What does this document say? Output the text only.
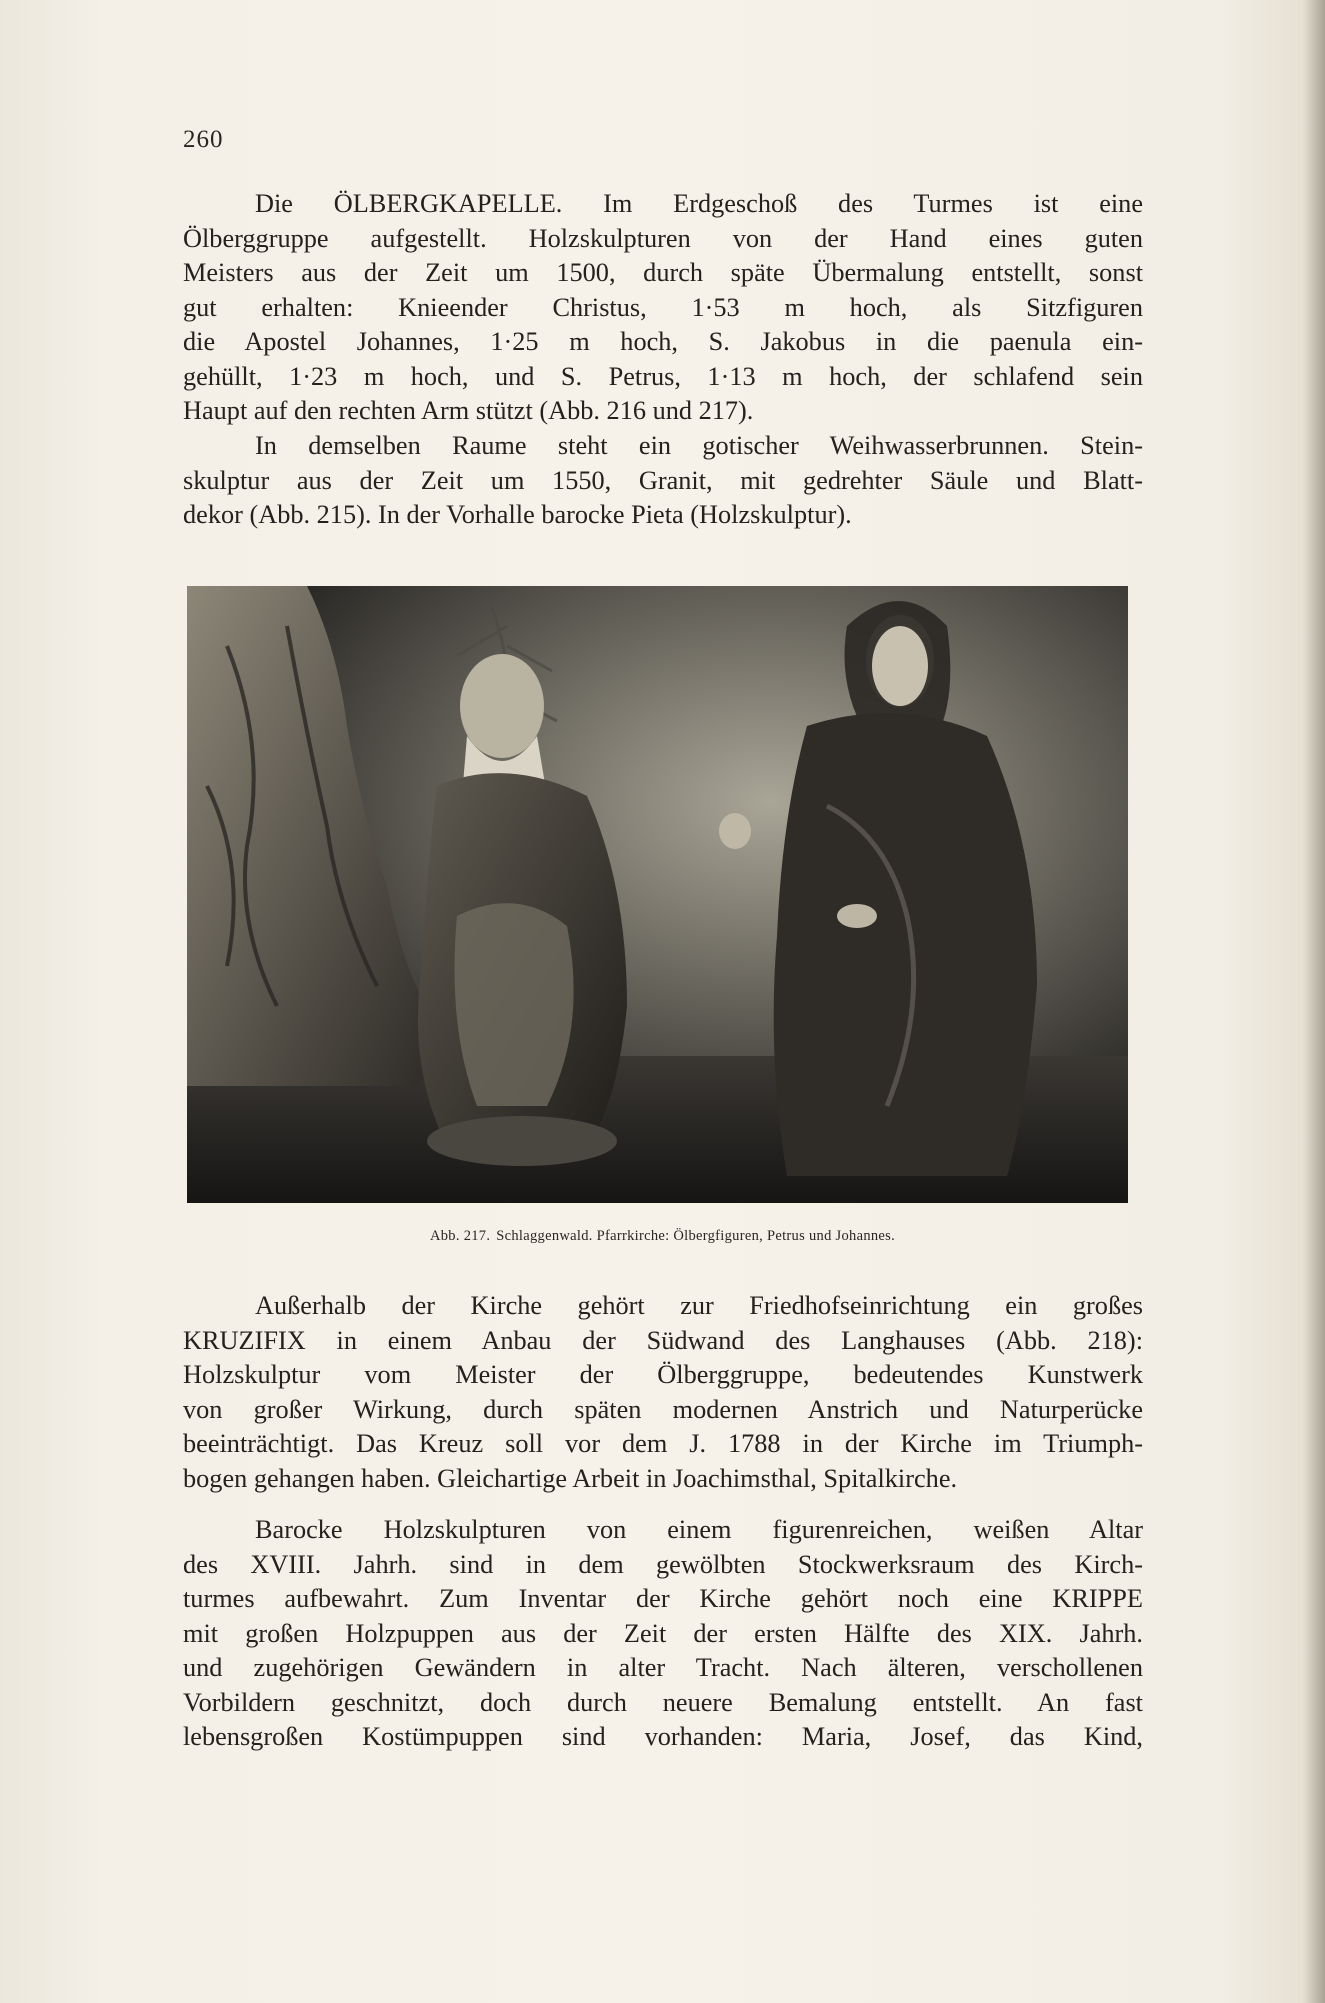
260
Die ÖLBERGKAPELLE. Im Erdgeschoß des Turmes ist eine
Ölberggruppe aufgestellt. Holzskulpturen von der Hand eines guten
Meisters aus der Zeit um 1500, durch späte Übermalung entstellt, sonst
gut erhalten: Knieender Christus, 1·53 m hoch, als Sitzfiguren
die Apostel Johannes, 1·25 m hoch, S. Jakobus in die paenula ein-
gehüllt, 1·23 m hoch, und S. Petrus, 1·13 m hoch, der schlafend sein
Haupt auf den rechten Arm stützt (Abb. 216 und 217).
In demselben Raume steht ein gotischer Weihwasserbrunnen. Stein-
skulptur aus der Zeit um 1550, Granit, mit gedrehter Säule und Blatt-
dekor (Abb. 215). In der Vorhalle barocke Pieta (Holzskulptur).
Abb. 217. Schlaggenwald. Pfarrkirche: Ölbergfiguren, Petrus und Johannes.
Außerhalb der Kirche gehört zur Friedhofseinrichtung ein großes
KRUZIFIX in einem Anbau der Südwand des Langhauses (Abb. 218):
Holzskulptur vom Meister der Ölberggruppe, bedeutendes Kunstwerk
von großer Wirkung, durch späten modernen Anstrich und Naturperücke
beeinträchtigt. Das Kreuz soll vor dem J. 1788 in der Kirche im Triumph-
bogen gehangen haben. Gleichartige Arbeit in Joachimsthal, Spitalkirche.
Barocke Holzskulpturen von einem figurenreichen, weißen Altar
des XVIII. Jahrh. sind in dem gewölbten Stockwerksraum des Kirch-
turmes aufbewahrt. Zum Inventar der Kirche gehört noch eine KRIPPE
mit großen Holzpuppen aus der Zeit der ersten Hälfte des XIX. Jahrh.
und zugehörigen Gewändern in alter Tracht. Nach älteren, verschollenen
Vorbildern geschnitzt, doch durch neuere Bemalung entstellt. An fast
lebensgroßen Kostümpuppen sind vorhanden: Maria, Josef, das Kind,
